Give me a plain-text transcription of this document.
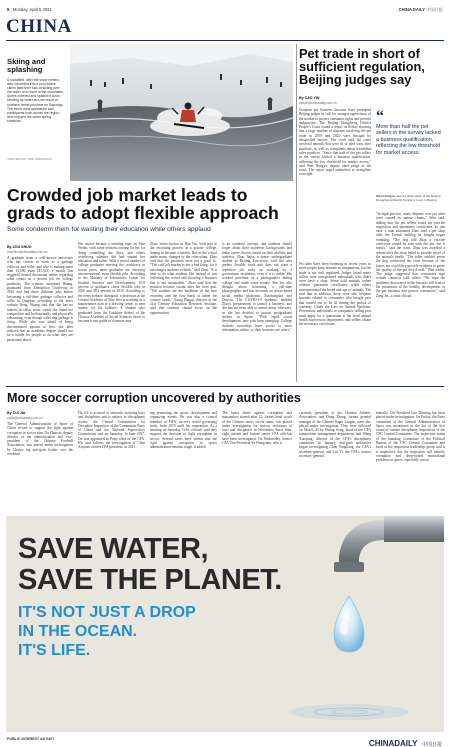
6 | Monday, April 5 2021	CHINA DAILY 中国日报
CHINA
Skiing and splashing
A snowfield, after the snow melted, was converted into a pool where skiers tried their luck at sliding over the water at a resort in the mountains. Skiers cheered and splashed down, sending up water at a ski resort in northern Hebei province on Saturday. The event drew spectators and participants from across the region, who enjoyed the warm spring sunshine.
YANG SHIYAO / FOR CHINA DAILY
Pet trade in short of sufficient regulation, Beijing judges say
By CAO YIN
caoyin@chinadaily.com.cn
Frequent pet business lawsuits have prompted Beijing judges to call for stronger supervision of the market to protect consumer rights and prevent malpractice. The Beijing Dongcheng District People's Court issued a report on Friday showing that a large number of disputes involving the pet trade in 2019 and 2020 were brought by dissatisfied buyers. The court said the cases involved animals that were ill or died soon after purchase, as well as complaints about fraudulent sales practices. "Since that half of the pet sellers in the survey lacked a business qualification, reflecting the low threshold for market access," said Wen Hongyu, deputy chief judge of the court. The report urged authorities to strengthen oversight.
“
More than half the pet sellers in the survey lacked a business qualification, reflecting the low threshold for market access.
Wen Hongyu, deputy chief judge of the Beijing Dongcheng District People's Court in Beijing
"In legal practice, many disputes over pet sales were caused by untrue claims," Wen said, adding that the pet sellers could not provide inspection and quarantine certificates. In one case, a man surnamed Zhao sued a pet shop after the French bulldog he bought began vomiting. "The dog told Zhao a vaccine certificate would be sent with the pet, but it wasn't," said the court. Zhao was awarded a refund after the shop failed to provide proof of the animal's health. "The seller couldn't prove the dog contracted the virus because of the buyer, nor could they provide evidence to prove the quality of the pet they'd sold," Wen added. The judge suggested that consumers sign written contracts with sellers. "We hope the problems discovered in the lawsuits will lead to the promotion of the healthy development of the pet business and protect consumers," said Zang Jie, a court official.
Pet sales have been booming in recent years as more people keep animals as companions, but the trade is not well regulated. Judges found many sellers were unregistered individuals who didn't even have a shop. Some sold animals online without quarantine certificates, while others misrepresented the breed and age of animals. The said that in addition, there were also frequent lawsuits related to consumers who bought pets that turned out to be ill during the period of warranty. Under the Law on Animal Epidemic Prevention, individuals or companies selling pets must apply for a quarantine at the local animal health supervision department, and sellers obtain the necessary certificates.
Crowded job market leads to grads to adopt flexible approach
Some condemn them for wasting their education while others applaud
By ZOU SHUO
zoushuo@chinadaily.com.cn
A graduate from a well-known university who has chosen to work as a garbage collector and seller, and who is making more than 10,000 yuan ($1,523) a month, has triggered heated discussion online regarding what counts as a decent job for college graduates. The woman, surnamed Huang, graduated from Zhengzhou University in 2016 and had three different jobs before becoming a full-time garbage collector and seller in Qingdao, according to the news website Ifeng. Huang said that she has no interest in office work, which she found too competitive and both mentally and physically exhausting, even though collecting garbage is tiring. While she was afraid of being discriminated against at first, she later realized that an academic degree should not be a hurdle for people to do what they are passionate about.
Her choice became a trending topic on Sina Weibo, with some netizens rooting for her for doing something she likes, and others wondering whether she had wasted her education and talent. With a record number of college graduates entering the workforce in recent years, more graduates are choosing unconventional, more flexible jobs. According to the Ministry of Education's Center for Student Services and Development, 45.8 percent of graduates chose flexible jobs in 2020 and 38.2 percent in 2019. According to the news website chinagotit, a professor at the Central Academy of Fine Arts is working as a maintenance man at a drawing center to earn money for his hobbies. A student who graduated from the Graduate School of the Chinese Academy of Social Sciences chose to become a tour guide in a remote area.
Zhao, better known as Han Tao, took part in the recruiting process at a private college, hoping to become a teacher. But as the school made many changes to the curriculum, Zhao said that the positions were not a good fit. "The cold job market is not a bad thing, for it encourages students to think," said Zhao. "It is time to do what students like instead of just following the crowd and choosing a business that is not sustainable." Zhao said that the position became vacant after her boss quit. "The students are the backbone of the new economy and the first batch of talent the country needs," Xiong Bingqi, director of the 21st Century Education Research Institute, said that students should focus on the opportunities.
is an outdated concept, and students should forget about their academic backgrounds and make career choices based on their abilities and interests. Zhao Jiajia, a senior undergraduate student at Beijing University, said she also prefers flexible work and does not want a repetitive job early on working for a government institution, even if it is stable. She worked part-time as a photographer during college and made some money. She has also thought about becoming a full-time photographer and has accounts on photo-based social media platforms Xiaohongshu and Douyin. The COVID-19 epidemic enabled Zhao's preparations to launch a business, and she has not been able to attract many followers, so she has decided to pursue postgraduate studies in Spain. "With rapid social development, new jobs keep emerging. College students nowadays have access to more information online, so their horizons are wider."
More soccer corruption uncovered by authorities
By CUI JIA
cuijia@chinadaily.com.cn
The General Administration of Sport of China vowed to support the fight against corruption in soccer after Du Zhaocai, deputy director of the administration and vice-president of the Chinese Football Association, was placed under investigation by China's top anti-graft bodies over the weekend.
Du, 63, is accused of seriously violating laws and disciplines and is subject to disciplinary review, the Central Commission for Discipline Inspection of the Communist Party of China and the National Supervisory Commission said on Saturday. In June 2017, Du was appointed as Party chief of the CFA. His case follows the investigation of Chen Xuyuan, former CFA president, in 2023.
ing promoting the sports' development and organizing events. He was also a council member of FIFA, soccer's world governing body, from 2019 until his suspension. At a meeting on Saturday, GAS officials said they support the decision to fight corruption in soccer. Several cases have shown that the fight against corruption in sports administration remains tough, it added.
The latest battle against corruption and misconduct started after 12, former head coach of the Chinese men's soccer team, was placed under investigation for serious violations of laws and disciplines in November. Since then, eight current and former senior CFA officials have been investigated. On Wednesday, former CFA Vice-President Yu Hongchen, who is
currently president of the Chinese Athletic Association, and Dong Zheng, former general manager of the Chinese Super League, were also placed under investigation. They were followed on March 26 by Huang Song, head of the CFA competition management department, and Wang Xiaoping, director of the CFA's disciplinary committee. In January, anti-graft authorities began investigating Chen Yongliang, the CFA's secretary-general, and Liu Yi, the CFA's former secretary-general.
tentially, Chi President Gao Zhiming has been placed under investigation. On Friday, the Party committee of the General Administration of Sport was mentioned in the list of the first round of routine disciplinary inspections of the CPC Central Committee. The inspection teams of the Standing Committee of the Political Bureau of the CPC Central Committee and head of the inspection leadership group said it is imperative that the inspection will identify corruption and deep-rooted institutional problems in sports, especially soccer.
SAVE WATER,
SAVE THE PLANET.
IT'S NOT JUST A DROP
IN THE OCEAN.
IT'S LIFE.
PUBLIC INTEREST AD 0407	CHINADAILY 中国日报
